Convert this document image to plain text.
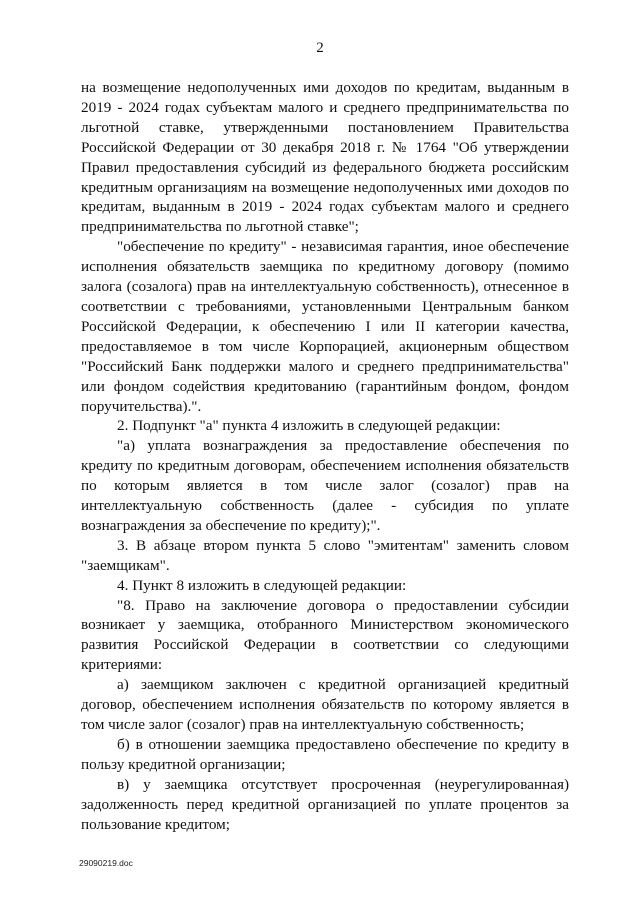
2

на возмещение недополученных ими доходов по кредитам, выданным в 2019 - 2024 годах субъектам малого и среднего предпринимательства по льготной ставке, утвержденными постановлением Правительства Российской Федерации от 30 декабря 2018 г. № 1764 "Об утверждении Правил предоставления субсидий из федерального бюджета российским кредитным организациям на возмещение недополученных ими доходов по кредитам, выданным в 2019 - 2024 годах субъектам малого и среднего предпринимательства по льготной ставке";

"обеспечение по кредиту" - независимая гарантия, иное обеспечение исполнения обязательств заемщика по кредитному договору (помимо залога (созалога) прав на интеллектуальную собственность), отнесенное в соответствии с требованиями, установленными Центральным банком Российской Федерации, к обеспечению I или II категории качества, предоставляемое в том числе Корпорацией, акционерным обществом "Российский Банк поддержки малого и среднего предпринимательства" или фондом содействия кредитованию (гарантийным фондом, фондом поручительства).".

2. Подпункт "а" пункта 4 изложить в следующей редакции:

"а) уплата вознаграждения за предоставление обеспечения по кредиту по кредитным договорам, обеспечением исполнения обязательств по которым является в том числе залог (созалог) прав на интеллектуальную собственность (далее - субсидия по уплате вознаграждения за обеспечение по кредиту);".

3. В абзаце втором пункта 5 слово "эмитентам" заменить словом "заемщикам".

4. Пункт 8 изложить в следующей редакции:

"8. Право на заключение договора о предоставлении субсидии возникает у заемщика, отобранного Министерством экономического развития Российской Федерации в соответствии со следующими критериями:

а) заемщиком заключен с кредитной организацией кредитный договор, обеспечением исполнения обязательств по которому является в том числе залог (созалог) прав на интеллектуальную собственность;

б) в отношении заемщика предоставлено обеспечение по кредиту в пользу кредитной организации;

в) у заемщика отсутствует просроченная (неурегулированная) задолженность перед кредитной организацией по уплате процентов за пользование кредитом;

29090219.doc
